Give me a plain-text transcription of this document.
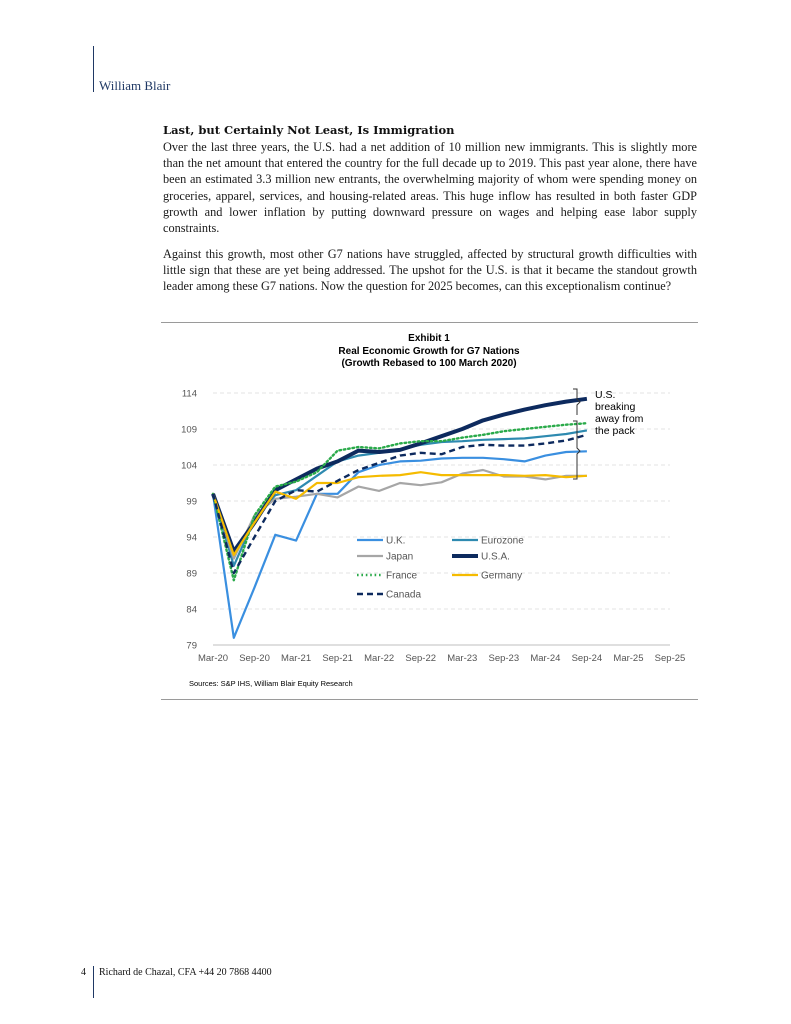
William Blair
Last, but Certainly Not Least, Is Immigration

Over the last three years, the U.S. had a net addition of 10 million new immigrants. This is slightly more than the net amount that entered the country for the full decade up to 2019. This past year alone, there have been an estimated 3.3 million new entrants, the overwhelming majority of whom were spending money on groceries, apparel, services, and housing-related areas. This huge inflow has resulted in both faster GDP growth and lower inflation by putting downward pressure on wages and helping ease labor supply constraints.

Against this growth, most other G7 nations have struggled, affected by structural growth difficulties with little sign that these are yet being addressed. The upshot for the U.S. is that it became the standout growth leader among these G7 nations. Now the question for 2025 becomes, can this exceptionalism continue?

Exhibit 1
Real Economic Growth for G7 Nations
(Growth Rebased to 100 March 2020)
79
84
89
94
99
104
109
114
Mar-20 Sep-20 Mar-21 Sep-21 Mar-22 Sep-22 Mar-23 Sep-23 Mar-24 Sep-24 Mar-25 Sep-25
U.K.	Eurozone
Japan	U.S.A.
France	Germany
Canada
U.S.
breaking
away from
the pack
Sources: S&P IHS, William Blair Equity Research
4 Richard de Chazal, CFA +44 20 7868 4400
